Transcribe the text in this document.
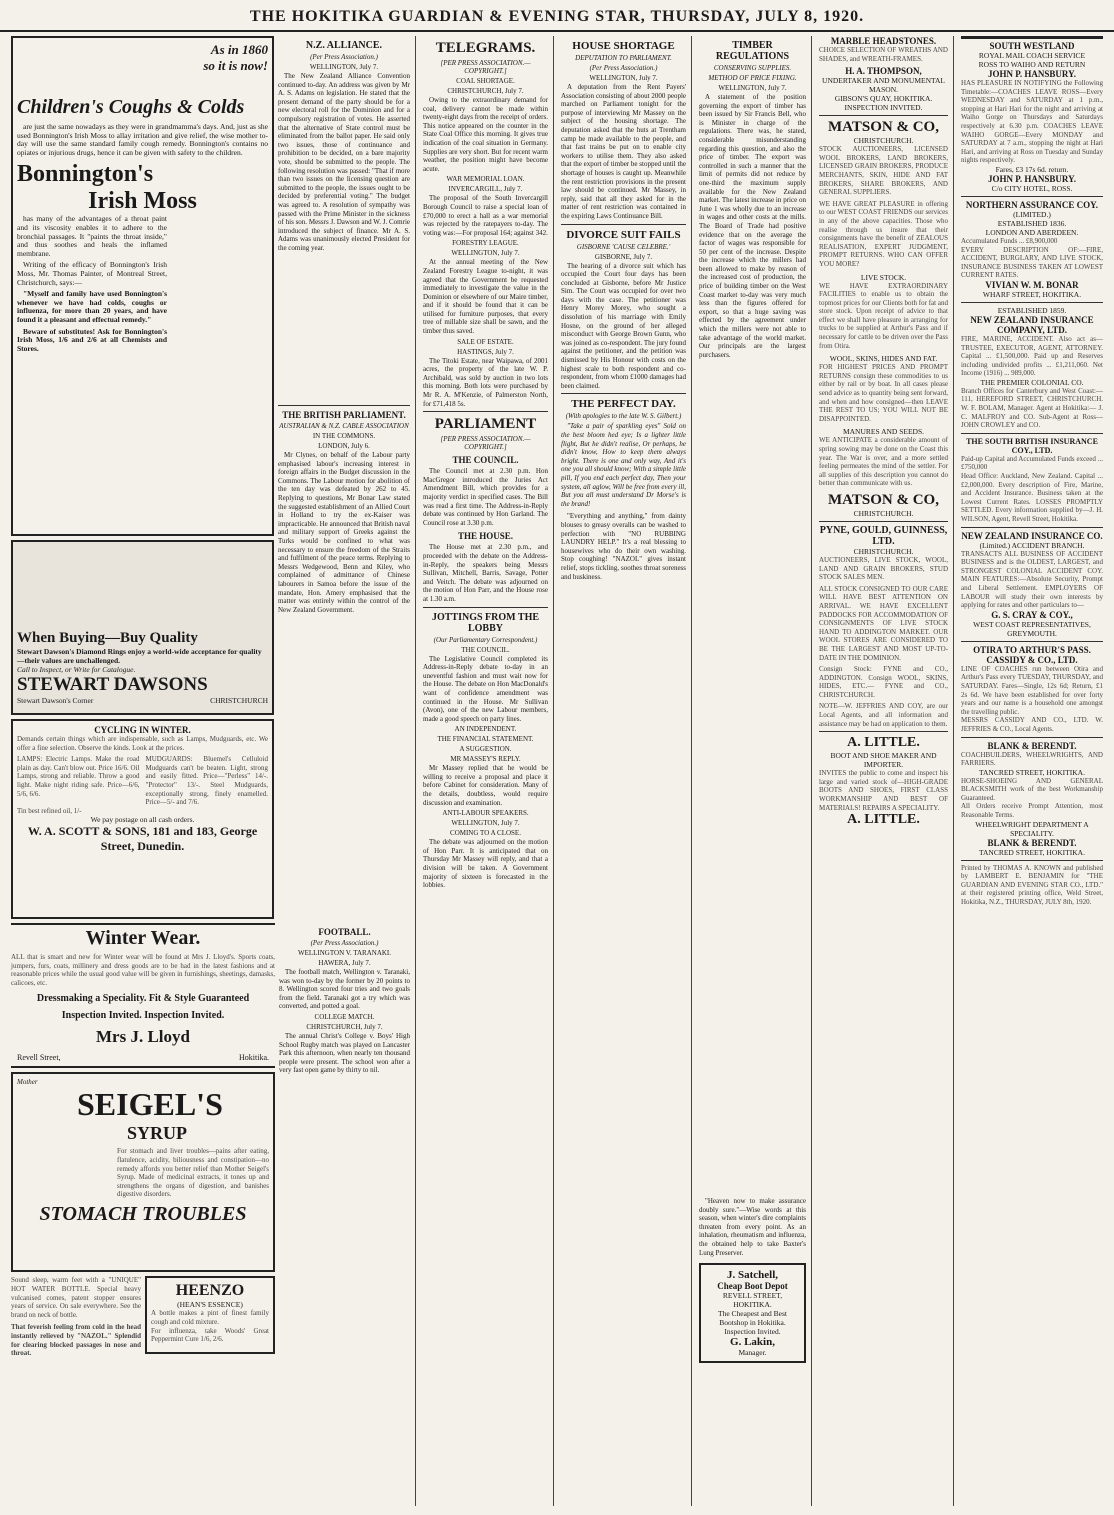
THE HOKITIKA GUARDIAN & EVENING STAR, THURSDAY, JULY 8, 1920.
As in 1860
so it is now!
Children's Coughs & Colds
are just the same nowadays as they were in grandmamma's days. And, just as she used Bonnington's Irish Moss to allay irritation and give relief, the wise mother to-day will use the same standard family cough remedy. Bonnington's contains no opiates or injurious drugs, hence it can be given with safety to the children.
Bonnington's
Irish Moss
has many of the advantages of a throat paint and its viscosity enables it to adhere to the bronchial passages. It "paints the throat inside," and thus soothes and heals the inflamed membrane.
Writing of the efficacy of Bonnington's Irish Moss, Mr. Thomas Painter, of Montreal Street, Christchurch, says:—
"Myself and family have used Bonnington's whenever we have had colds, coughs or influenza, for more than 20 years, and have found it a pleasant and effectual remedy."
Beware of substitutes! Ask for Bonnington's Irish Moss, 1/6 and 2/6 at all Chemists and Stores.
When Buying—Buy Quality
Stewart Dawson's Diamond Rings enjoy a world-wide acceptance for quality—their values are unchallenged.
Call to Inspect, or Write for Catalogue.
STEWART DAWSONS
Stewart Dawson's Corner	CHRISTCHURCH
CYCLING IN WINTER.
Demands certain things which are indispensable, such as Lamps, Mudguards, etc. We offer a fine selection. Observe the kinds. Look at the prices.
LAMPS: Electric Lamps. Make the road plain as day. Can't blow out. Price 16/6. Oil Lamps, strong and reliable. Throw a good light. Make night riding safe. Price—6/6, 5/6, 6/6.
MUDGUARDS: Bluemel's Celluloid Mudguards can't be beaten. Light, strong and easily fitted. Price—"Perless" 14/-. "Protector" 13/-. Steel Mudguards, exceptionally strong, finely enamelled. Price—5/- and 7/6.
Tin best refined oil, 1/-
We pay postage on all cash orders.
W. A. SCOTT & SONS, 181 and 183, George Street, Dunedin.
N.Z. ALLIANCE.
(Per Press Association.)
WELLINGTON, July 7.
The New Zealand Alliance Convention continued to-day. An address was given by Mr A. S. Adams on legislation. He stated that the present demand of the party should be for a new electoral roll for the Dominion and for a compulsory registration of votes. He asserted that the alternative of State control must be eliminated from the ballot paper. He said only two issues, those of continuance and prohibition to be decided, on a bare majority vote, should be submitted to the people. The following resolution was passed: "That if more than two issues on the licensing question are submitted to the people, the issues ought to be decided by preferential voting." The budget was agreed to. A resolution of sympathy was passed with the Prime Minister in the sickness of his son. Messrs J. Dawson and W. J. Comrie introduced the subject of finance. Mr A. S. Adams was unanimously elected President for the coming year.
THE BRITISH PARLIAMENT.
AUSTRALIAN & N.Z. CABLE ASSOCIATION
IN THE COMMONS.
LONDON, July 6.
Mr Clynes, on behalf of the Labour party emphasised labour's increasing interest in foreign affairs in the Budget discussion in the Commons. The Labour motion for abolition of the ten day was defeated by 262 to 45. Replying to questions, Mr Bonar Law stated the suggested establishment of an Allied Court in Holland to try the ex-Kaiser was impracticable. He announced that British naval and military support of Greeks against the Turks would be confined to what was necessary to ensure the freedom of the Straits and fulfilment of the peace terms. Replying to Messrs Wedgewood, Benn and Kiley, who complained of admittance of Chinese labourers in Samoa before the issue of the mandate, Hon. Amery emphasised that the matter was entirely within the control of the New Zealand Government.
Winter Wear.
ALL that is smart and new for Winter wear will be found at Mrs J. Lloyd's. Sports coats, jumpers, furs, coats, millinery and dress goods are to be had in the latest fashions and at reasonable prices while the usual good value will be given in furnishings, sheetings, damasks, calicoes, etc.
Dressmaking a Speciality. Fit & Style Guaranteed
Inspection Invited. Inspection Invited.
Mrs J. Lloyd
Revell Street,	Hokitika.
Mother
SEIGEL'S
SYRUP
For stomach and liver troubles—pains after eating, flatulence, acidity, biliousness and constipation—no remedy affords you better relief than Mother Seigel's Syrup. Made of medicinal extracts, it tones up and strengthens the organs of digestion, and banishes digestive disorders.
STOMACH TROUBLES
Sound sleep, warm feet with a "UNIQUE" HOT WATER BOTTLE. Special heavy vulcanised comes, patent stopper ensures years of service. On sale everywhere. See the brand on neck of bottle.
That feverish feeling from cold in the head instantly relieved by "NAZOL." Splendid for clearing blocked passages in nose and throat.
HEENZO
(HEAN'S ESSENCE)
A bottle makes a pint of finest family cough and cold mixture.
For influenza, take Woods' Great Peppermint Cure 1/6, 2/6.
FOOTBALL.
(Per Press Association.)
WELLINGTON V. TARANAKI.
HAWERA, July 7.
The football match, Wellington v. Taranaki, was won to-day by the former by 20 points to 8. Wellington scored four tries and two goals from the field. Taranaki got a try which was converted, and potted a goal.
COLLEGE MATCH.
CHRISTCHURCH, July 7.
The annual Christ's College v. Boys' High School Rugby match was played on Lancaster Park this afternoon, when nearly ten thousand people were present. The school won after a very fast open game by thirty to nil.
TELEGRAMS.
[PER PRESS ASSOCIATION.—COPYRIGHT.]
COAL SHORTAGE.
CHRISTCHURCH, July 7.
Owing to the extraordinary demand for coal, delivery cannot be made within twenty-eight days from the receipt of orders. This notice appeared on the counter in the State Coal Office this morning. It gives true indication of the coal situation in Germany. Supplies are very short. But for recent warm weather, the position might have become acute.
WAR MEMORIAL LOAN.
INVERCARGILL, July 7.
The proposal of the South Invercargill Borough Council to raise a special loan of £70,000 to erect a hall as a war memorial was rejected by the ratepayers to-day. The voting was:—For proposal 164; against 342.
FORESTRY LEAGUE.
WELLINGTON, July 7.
At the annual meeting of the New Zealand Forestry League to-night, it was agreed that the Government be requested immediately to investigate the value in the Dominion or elsewhere of our Maire timber, and if it should be found that it can be utilised for furniture purposes, that every tree of millable size shall be sawn, and the timber thus saved.
SALE OF ESTATE.
HASTINGS, July 7.
The Titoki Estate, near Waipawa, of 2001 acres, the property of the late W. P. Archibald, was sold by auction in two lots this morning. Both lots were purchased by Mr R. A. M'Kenzie, of Palmerston North, for £71,418 5s.
PARLIAMENT
[PER PRESS ASSOCIATION.—COPYRIGHT.]
THE COUNCIL.
The Council met at 2.30 p.m. Hon MacGregor introduced the Juries Act Amendment Bill, which provides for a majority verdict in specified cases. The Bill was read a first time. The Address-in-Reply debate was continued by Hon Garland. The Council rose at 3.30 p.m.
THE HOUSE.
The House met at 2.30 p.m., and proceeded with the debate on the Address-in-Reply, the speakers being Messrs Sullivan, Mitchell, Barris, Savage, Potter and Veitch. The debate was adjourned on the motion of Hon Parr, and the House rose at 1.30 a.m.
JOTTINGS FROM THE LOBBY
(Our Parliamentary Correspondent.)
THE COUNCIL.
The Legislative Council completed its Address-in-Reply debate to-day in an uneventful fashion and must wait now for the House. The debate on Hon MacDonald's want of confidence amendment was continued in the House. Mr Sullivan (Avon), one of the new Labour members, made a good speech on party lines.
AN INDEPENDENT.
THE FINANCIAL STATEMENT.
A SUGGESTION.
MR MASSEY'S REPLY.
Mr Massey replied that he would be willing to receive a proposal and place it before Cabinet for consideration. Many of the details, doubtless, would require discussion and examination.
ANTI-LABOUR SPEAKERS.
WELLINGTON, July 7.
COMING TO A CLOSE.
The debate was adjourned on the motion of Hon Parr. It is anticipated that on Thursday Mr Massey will reply, and that a division will be taken. A Government majority of sixteen is forecasted in the lobbies.
HOUSE SHORTAGE
DEPUTATION TO PARLIAMENT.
(Per Press Association.)
WELLINGTON, July 7.
A deputation from the Rent Payers' Association consisting of about 2000 people marched on Parliament tonight for the purpose of interviewing Mr Massey on the subject of the housing shortage. The deputation asked that the huts at Trentham camp be made available to the people, and that fast trains be put on to enable city workers to utilise them. They also asked that the export of timber be stopped until the shortage of houses is caught up. Meanwhile the rent restriction provisions in the present law should be continued. Mr Massey, in reply, said that all they asked for in the matter of rent restriction was contained in the expiring Laws Continuance Bill.
DIVORCE SUIT FAILS
GISBORNE 'CAUSE CELEBRE.'
GISBORNE, July 7.
The hearing of a divorce suit which has occupied the Court four days has been concluded at Gisborne, before Mr Justice Sim. The Court was occupied for over two days with the case. The petitioner was Henry Morey Morey, who sought a dissolution of his marriage with Emily Hosne, on the ground of her alleged misconduct with George Brown Gunn, who was joined as co-respondent. The jury found against the petitioner, and the petition was dismissed by His Honour with costs on the highest scale to both respondent and co-respondent, from whom £1000 damages had been claimed.
THE PERFECT DAY.
(With apologies to the late W. S. Gilbert.)
"Take a pair of sparkling eyes" Sold on the best bloom hed eye; Is a lighter little flight, But he didn't realise, Or perhaps, he didn't know, How to keep them always bright. There is one and only way, And it's one you all should know; With a simple little pill, If you end each perfect day, Then your system, all aglow, Will be free from every ill, But you all must understand Dr Morse's is the brand!
"Everything and anything," from dainty blouses to greasy overalls can be washed to perfection with "NO RUBBING LAUNDRY HELP." It's a real blessing to housewives who do their own washing. Stop coughing! "NAZOL" gives instant relief, stops tickling, soothes throat soreness and huskiness.
TIMBER REGULATIONS
CONSERVING SUPPLIES.
METHOD OF PRICE FIXING.
WELLINGTON, July 7.
A statement of the position governing the export of timber has been issued by Sir Francis Bell, who is Minister in charge of the regulations. There was, he stated, considerable misunderstanding regarding this question, and also the price of timber. The export was controlled in such a manner that the limit of permits did not reduce by one-third the maximum supply available for the New Zealand market. The latest increase in price on June 1 was wholly due to an increase in wages and other costs at the mills. The Board of Trade had positive evidence that on the average the factor of wages was responsible for 50 per cent of the increase. Despite the increase which the millers had been allowed to make by reason of the increased cost of production, the price of building timber on the West Coast market to-day was very much less than the figures offered for export, so that a huge saving was effected by the agreement under which the millers were not able to take advantage of the world market. Our principals are the largest purchasers.
"Heaven now to make assurance doubly sure."—Wise words at this season, when winter's dire complaints threaten from every point. As an inhalation, rheumatism and influenza, the obtained help to take Baxter's Lung Preserver.
J. Satchell,
Cheap Boot Depot
REVELL STREET, HOKITIKA.
The Cheapest and Best
Bootshop in Hokitika.
Inspection Invited.
G. Lakin,
Manager.
MARBLE HEADSTONES.
CHOICE SELECTION OF WREATHS AND SHADES, and WREATH-FRAMES.
H. A. THOMPSON,
UNDERTAKER AND MONUMENTAL MASON.
GIBSON'S QUAY, HOKITIKA.
INSPECTION INVITED.
MATSON & CO,
CHRISTCHURCH.
STOCK AUCTIONEERS, LICENSED WOOL BROKERS, LAND BROKERS, LICENSED GRAIN BROKERS, PRODUCE MERCHANTS, SKIN, HIDE AND FAT BROKERS, SHARE BROKERS, AND GENERAL SUPPLIERS.
WE HAVE GREAT PLEASURE in offering to our WEST COAST FRIENDS our services in any of the above capacities. Those who realise through us insure that their consignments have the benefit of ZEALOUS REALISATION, EXPERT JUDGMENT, PROMPT RETURNS. WHO CAN OFFER YOU MORE?
LIVE STOCK.
WE HAVE EXTRAORDINARY FACILITIES to enable us to obtain the topmost prices for our Clients both for fat and store stock. Upon receipt of advice to that effect we shall have pleasure in arranging for trucks to be supplied at Arthur's Pass and if necessary for cattle to be driven over the Pass from Otira.
WOOL, SKINS, HIDES AND FAT.
FOR HIGHEST PRICES AND PROMPT RETURNS consign these commodities to us either by rail or by boat. In all cases please send advice as to quantity being sent forward, and when and how consigned—then LEAVE THE REST TO US; YOU WILL NOT BE DISAPPOINTED.
MANURES AND SEEDS.
WE ANTICIPATE a considerable amount of spring sowing may be done on the Coast this year. The War is over, and a more settled feeling permeates the mind of the settler. For all supplies of this description you cannot do better than communicate with us.
MATSON & CO,
CHRISTCHURCH.
PYNE, GOULD, GUINNESS, LTD.
CHRISTCHURCH.
AUCTIONEERS, LIVE STOCK, WOOL, LAND AND GRAIN BROKERS, STUD STOCK SALES MEN.
ALL STOCK CONSIGNED TO OUR CARE WILL HAVE BEST ATTENTION ON ARRIVAL. WE HAVE EXCELLENT PADDOCKS FOR ACCOMMODATION OF CONSIGNMENTS OF LIVE STOCK HAND TO ADDINGTON MARKET. OUR WOOL STORES ARE CONSIDERED TO BE THE LARGEST AND MOST UP-TO-DATE IN THE DOMINION.
Consign Stock: FYNE and CO., ADDINGTON. Consign WOOL, SKINS, HIDES, ETC.— FYNE and CO., CHRISTCHURCH.
NOTE—W. JEFFRIES AND COY, are our Local Agents, and all information and assistance may be had on application to them.
A. LITTLE.
BOOT AND SHOE MAKER AND IMPORTER.
INVITES the public to come and inspect his large and varied stock of—HIGH-GRADE BOOTS AND SHOES, FIRST CLASS WORKMANSHIP AND BEST OF MATERIALS! REPAIRS A SPECIALITY.
A. LITTLE.
SOUTH WESTLAND
ROYAL MAIL COACH SERVICE
ROSS TO WAIHO AND RETURN
JOHN P. HANSBURY.
HAS PLEASURE IN NOTIFYING the Following Timetable:—COACHES LEAVE ROSS—Every WEDNESDAY and SATURDAY at 1 p.m., stopping at Hari Hari for the night and arriving at Waiho Gorge on Thursdays and Saturdays respectively at 6.30 p.m. COACHES LEAVE WAIHO GORGE—Every MONDAY and SATURDAY at 7 a.m., stopping the night at Hari Hari, and arriving at Ross on Tuesday and Sunday nights respectively.
Fares, £3 17s 6d. return.
JOHN P. HANSBURY.
C/o CITY HOTEL, ROSS.
NORTHERN ASSURANCE COY.
(LIMITED.)
ESTABLISHED 1836.
LONDON AND ABERDEEN.
Accumulated Funds ... £8,900,000
EVERY DESCRIPTION OF:—FIRE, ACCIDENT, BURGLARY, AND LIVE STOCK, INSURANCE BUSINESS TAKEN AT LOWEST CURRENT RATES.
VIVIAN W. M. BONAR
WHARF STREET, HOKITIKA.
ESTABLISHED 1859.
NEW ZEALAND INSURANCE COMPANY, LTD.
FIRE, MARINE, ACCIDENT. Also act as—TRUSTEE, EXECUTOR, AGENT, ATTORNEY. Capital ... £1,500,000. Paid up and Reserves including undivided profits ... £1,211,060. Net Income (1916) ... 989,000.
THE PREMIER COLONIAL CO.
Branch Offices for Canterbury and West Coast:—111, HEREFORD STREET, CHRISTCHURCH. W. F. BOLAM, Manager. Agent at Hokitika:— J. C. MALFROY and CO. Sub-Agent at Ross— JOHN CROWLEY and CO.
THE SOUTH BRITISH INSURANCE COY., LTD.
Paid-up Capital and Accumulated Funds exceed ... £750,000
Head Office: Auckland, New Zealand. Capital ... £2,000,000. Every description of Fire, Marine, and Accident Insurance. Business taken at the Lowest Current Rates. LOSSES PROMPTLY SETTLED. Every information supplied by—J. H. WILSON, Agent, Revell Street, Hokitika.
NEW ZEALAND INSURANCE CO.
(Limited.) ACCIDENT BRANCH.
TRANSACTS ALL BUSINESS OF ACCIDENT BUSINESS and is the OLDEST, LARGEST, and STRONGEST COLONIAL ACCIDENT COY. MAIN FEATURES:—Absolute Security, Prompt and Liberal Settlement. EMPLOYERS OF LABOUR will study their own interests by applying for rates and other particulars to—
G. S. CRAY & COY.,
WEST COAST REPRESENTATIVES, GREYMOUTH.
OTIRA TO ARTHUR'S PASS.
CASSIDY & CO., LTD.
LINE OF COACHES run between Otira and Arthur's Pass every TUESDAY, THURSDAY, and SATURDAY. Fares—Single, 12s 6d; Return, £1 2s 6d. We have been established for over forty years and our name is a household one amongst the travelling public.
MESSRS CASSIDY AND CO., LTD. W. JEFFRIES & CO., Local Agents.
BLANK & BERENDT.
COACHBUILDERS, WHEELWRIGHTS, AND FARRIERS.
TANCRED STREET, HOKITIKA.
HORSE-SHOEING AND GENERAL BLACKSMITH work of the best Workmanship Guaranteed.
All Orders receive Prompt Attention, most Reasonable Terms.
WHEELWRIGHT DEPARTMENT A SPECIALITY.
BLANK & BERENDT.
TANCRED STREET, HOKITIKA.
Printed by THOMAS A. KNOWN and published by LAMBERT E. BENJAMIN for "THE GUARDIAN AND EVENING STAR CO., LTD." at their registered printing office, Weld Street, Hokitika, N.Z., THURSDAY, JULY 8th, 1920.
